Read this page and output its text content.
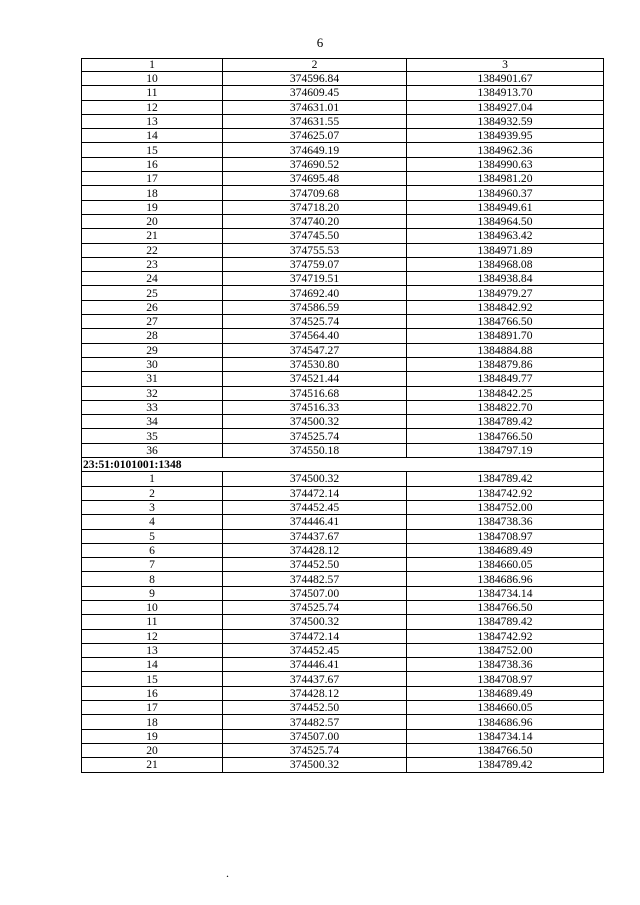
6
1	2	3
10	374596.84	1384901.67
11	374609.45	1384913.70
12	374631.01	1384927.04
13	374631.55	1384932.59
14	374625.07	1384939.95
15	374649.19	1384962.36
16	374690.52	1384990.63
17	374695.48	1384981.20
18	374709.68	1384960.37
19	374718.20	1384949.61
20	374740.20	1384964.50
21	374745.50	1384963.42
22	374755.53	1384971.89
23	374759.07	1384968.08
24	374719.51	1384938.84
25	374692.40	1384979.27
26	374586.59	1384842.92
27	374525.74	1384766.50
28	374564.40	1384891.70
29	374547.27	1384884.88
30	374530.80	1384879.86
31	374521.44	1384849.77
32	374516.68	1384842.25
33	374516.33	1384822.70
34	374500.32	1384789.42
35	374525.74	1384766.50
36	374550.18	1384797.19
23:51:0101001:1348		
1	374500.32	1384789.42
2	374472.14	1384742.92
3	374452.45	1384752.00
4	374446.41	1384738.36
5	374437.67	1384708.97
6	374428.12	1384689.49
7	374452.50	1384660.05
8	374482.57	1384686.96
9	374507.00	1384734.14
10	374525.74	1384766.50
11	374500.32	1384789.42
12	374472.14	1384742.92
13	374452.45	1384752.00
14	374446.41	1384738.36
15	374437.67	1384708.97
16	374428.12	1384689.49
17	374452.50	1384660.05
18	374482.57	1384686.96
19	374507.00	1384734.14
20	374525.74	1384766.50
21	374500.32	1384789.42
.
